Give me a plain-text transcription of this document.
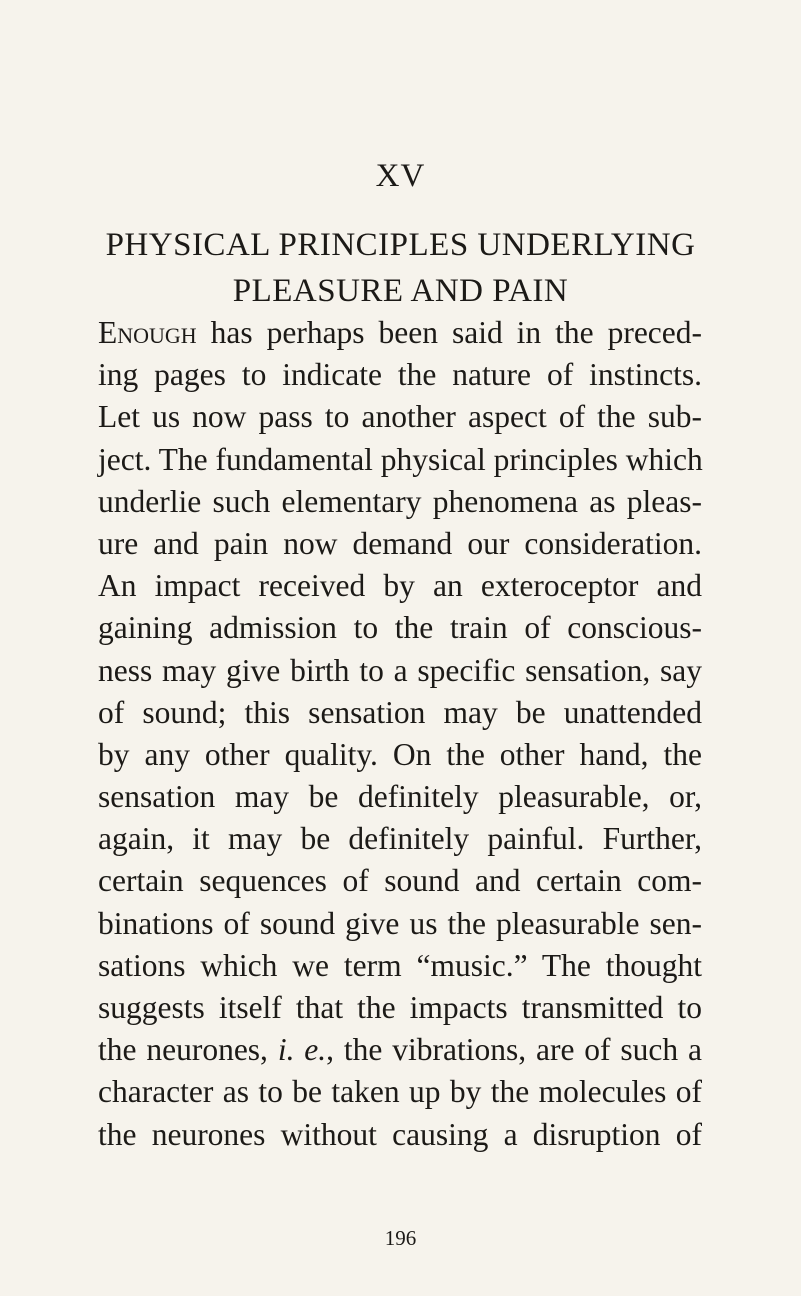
XV
PHYSICAL PRINCIPLES UNDERLYING
PLEASURE AND PAIN
Enough has perhaps been said in the preced-
ing pages to indicate the nature of instincts.
Let us now pass to another aspect of the sub-
ject. The fundamental physical principles which
underlie such elementary phenomena as pleas-
ure and pain now demand our consideration.
An impact received by an exteroceptor and
gaining admission to the train of conscious-
ness may give birth to a specific sensation, say
of sound; this sensation may be unattended
by any other quality. On the other hand, the
sensation may be definitely pleasurable, or,
again, it may be definitely painful. Further,
certain sequences of sound and certain com-
binations of sound give us the pleasurable sen-
sations which we term “music.” The thought
suggests itself that the impacts transmitted to
the neurones, i. e., the vibrations, are of such a
character as to be taken up by the molecules of
the neurones without causing a disruption of
196
